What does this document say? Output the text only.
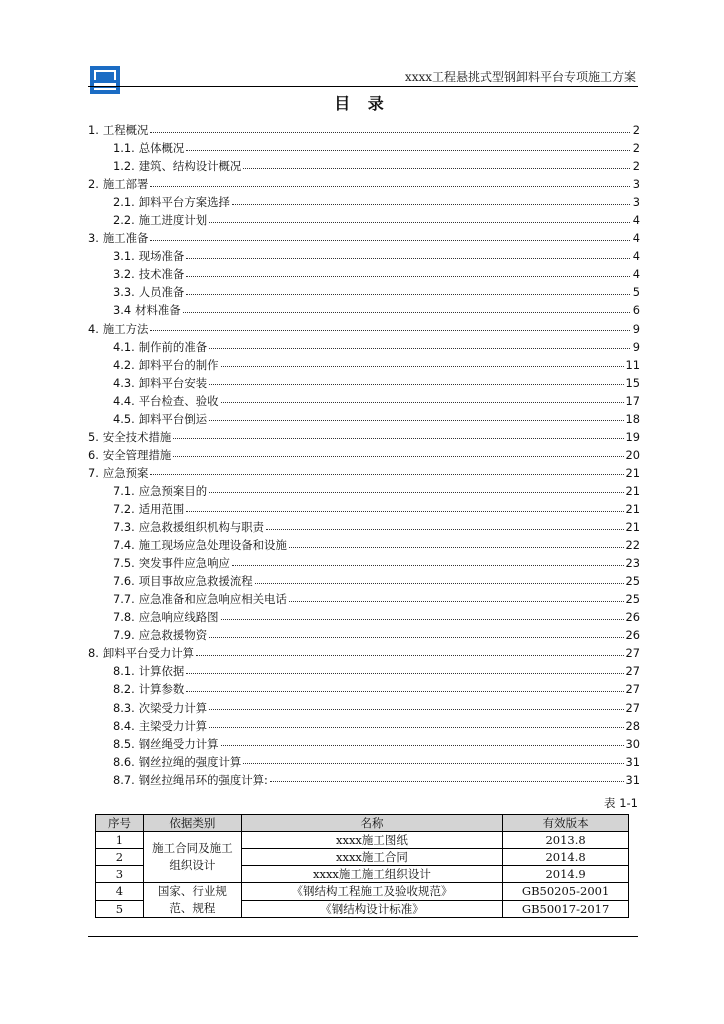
xxxx工程悬挑式型钢卸料平台专项施工方案
目 录
1. 工程概况	2
1.1. 总体概况	2
1.2. 建筑、结构设计概况	2
2. 施工部署	3
2.1. 卸料平台方案选择	3
2.2. 施工进度计划	4
3. 施工准备	4
3.1. 现场准备	4
3.2. 技术准备	4
3.3. 人员准备	5
3.4 材料准备	6
4. 施工方法	9
4.1. 制作前的准备	9
4.2. 卸料平台的制作	11
4.3. 卸料平台安装	15
4.4. 平台检查、验收	17
4.5. 卸料平台倒运	18
5. 安全技术措施	19
6. 安全管理措施	20
7. 应急预案	21
7.1. 应急预案目的	21
7.2. 适用范围	21
7.3. 应急救援组织机构与职责	21
7.4. 施工现场应急处理设备和设施	22
7.5. 突发事件应急响应	23
7.6. 项目事故应急救援流程	25
7.7. 应急准备和应急响应相关电话	25
7.8. 应急响应线路图	26
7.9. 应急救援物资	26
8. 卸料平台受力计算	27
8.1. 计算依据	27
8.2. 计算参数	27
8.3. 次梁受力计算	27
8.4. 主梁受力计算	28
8.5. 钢丝绳受力计算	30
8.6. 钢丝拉绳的强度计算	31
8.7. 钢丝拉绳吊环的强度计算:	31
表 1-1
序号	依据类别	名称	有效版本
1	施工合同及施工组织设计	xxxx施工图纸	2013.8
2		xxxx施工合同	2014.8
3		xxxx施工施工组织设计	2014.9
4	国家、行业规范、规程	《钢结构工程施工及验收规范》	GB50205-2001
5		《钢结构设计标准》	GB50017-2017
